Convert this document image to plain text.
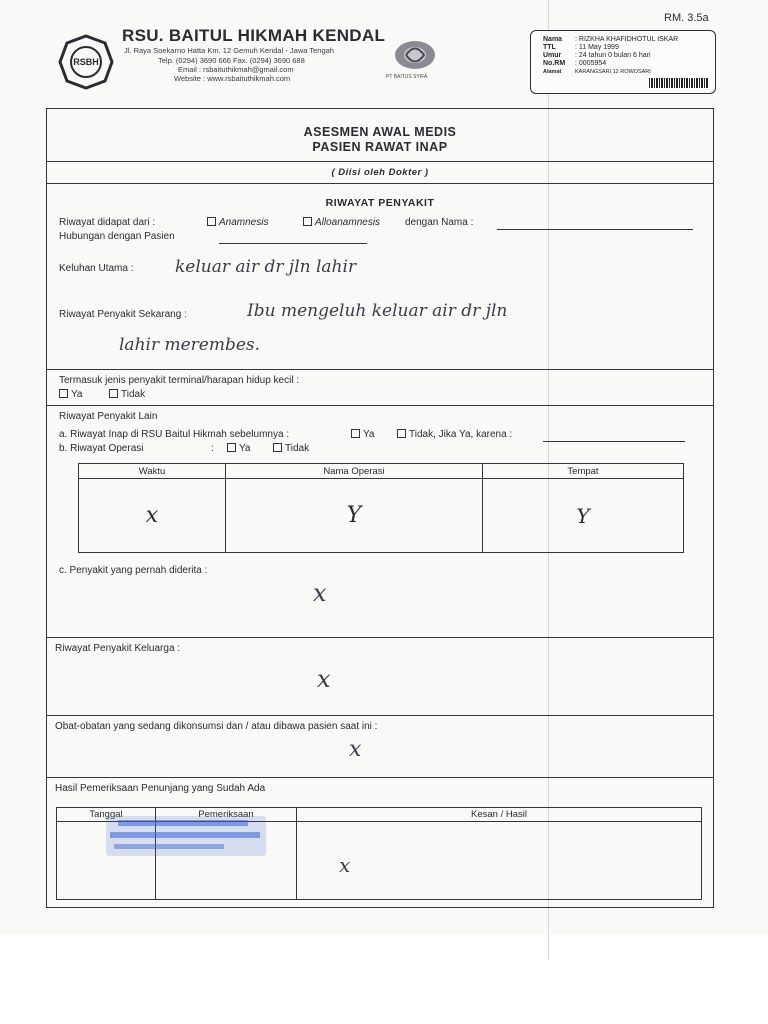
RSBH
RSU. BAITUL HIKMAH KENDAL
Jl. Raya Soekarno Hatta Km. 12 Gemuh Kendal - Jawa Tengah
Telp. (0294) 3690 666 Fax. (0294) 3690 688
Email : rsbaituthikmah@gmail.com
Website : www.rsbaituthikmah.com	PT BAITUS SYIFA
RM. 3.5a
Nama : RIZKHA KHAFIDHOTUL ISKAR
TTL	: 11 May 1999
Umur : 24 tahun 0 bulan 6 hari
No.RM : 0005954
Alamat KARANGSARI 12 ROWOSARI
ASESMEN AWAL MEDIS
PASIEN RAWAT INAP
( Diisi oleh Dokter )
RIWAYAT PENYAKIT
Riwayat didapat dari :	Anamnesis	Alloanamnesis dengan Nama :
Hubungan dengan Pasien
Keluhan Utama : keluar air dr jln lahir
Riwayat Penyakit Sekarang :	Ibu mengeluh keluar air dr jln
lahir merembes.
Termasuk jenis penyakit terminal/harapan hidup kecil :
Ya	Tidak
Riwayat Penyakit Lain
a. Riwayat Inap di RSU Baitul Hikmah sebelumnya :	Ya	Tidak, Jika Ya, karena :
b. Riwayat Operasi	:	Ya	Tidak
Waktu	Nama Operasi	Tempat
x	Y	Y
c. Penyakit yang pernah diderita :
x
Riwayat Penyakit Keluarga :
x
Obat-obatan yang sedang dikonsumsi dan / atau dibawa pasien saat ini :
x
Hasil Pemeriksaan Penunjang yang Sudah Ada
Tanggal	Pemeriksaan	Kesan / Hasil
		x
